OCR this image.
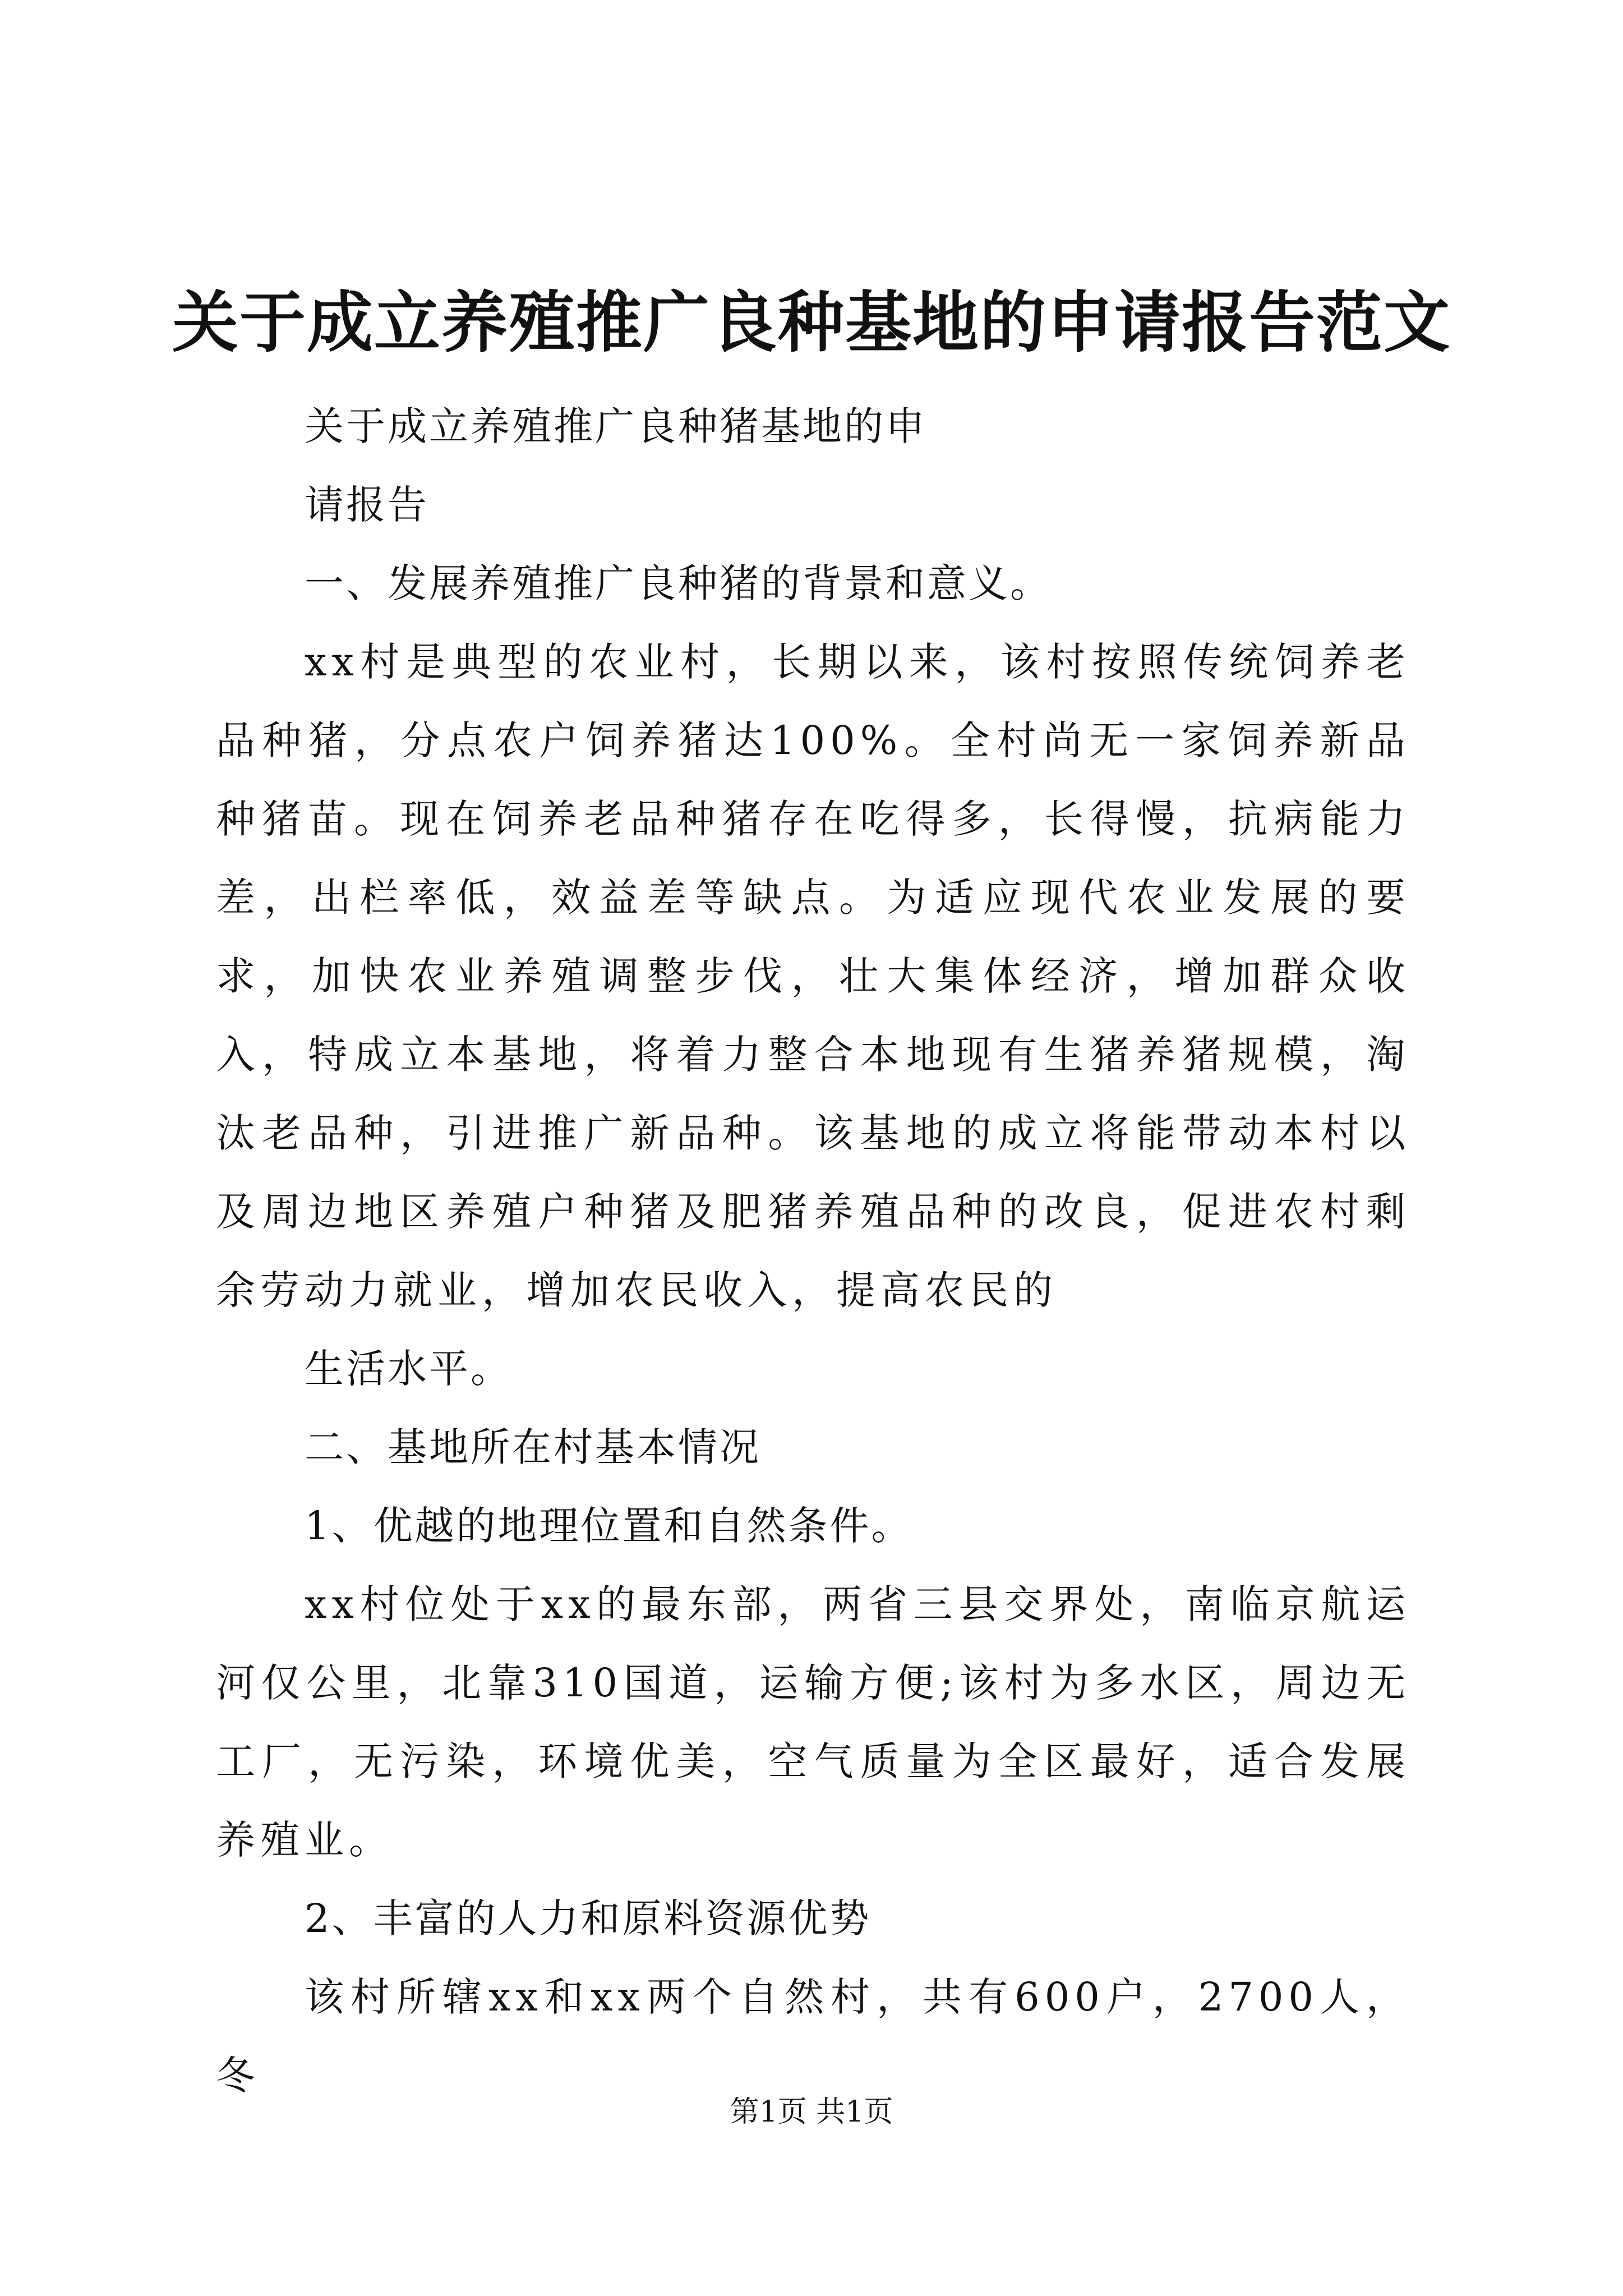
关于成立养殖推广良种基地的申请报告范文

关于成立养殖推广良种猪基地的申

请报告

一、发展养殖推广良种猪的背景和意义。

xx村是典型的农业村，长期以来，该村按照传统饲养老品种猪，分点农户饲养猪达100%。全村尚无一家饲养新品种猪苗。现在饲养老品种猪存在吃得多，长得慢，抗病能力差，出栏率低，效益差等缺点。为适应现代农业发展的要求，加快农业养殖调整步伐，壮大集体经济，增加群众收入，特成立本基地，将着力整合本地现有生猪养猪规模，淘汰老品种，引进推广新品种。该基地的成立将能带动本村以及周边地区养殖户种猪及肥猪养殖品种的改良，促进农村剩余劳动力就业，增加农民收入，提高农民的

生活水平。

二、基地所在村基本情况

1、优越的地理位置和自然条件。

xx村位处于xx的最东部，两省三县交界处，南临京航运河仅公里，北靠310国道，运输方便;该村为多水区，周边无工厂，无污染，环境优美，空气质量为全区最好，适合发展养殖业。

2、丰富的人力和原料资源优势

该村所辖xx和xx两个自然村，共有600户，2700人，冬

第1页 共1页
